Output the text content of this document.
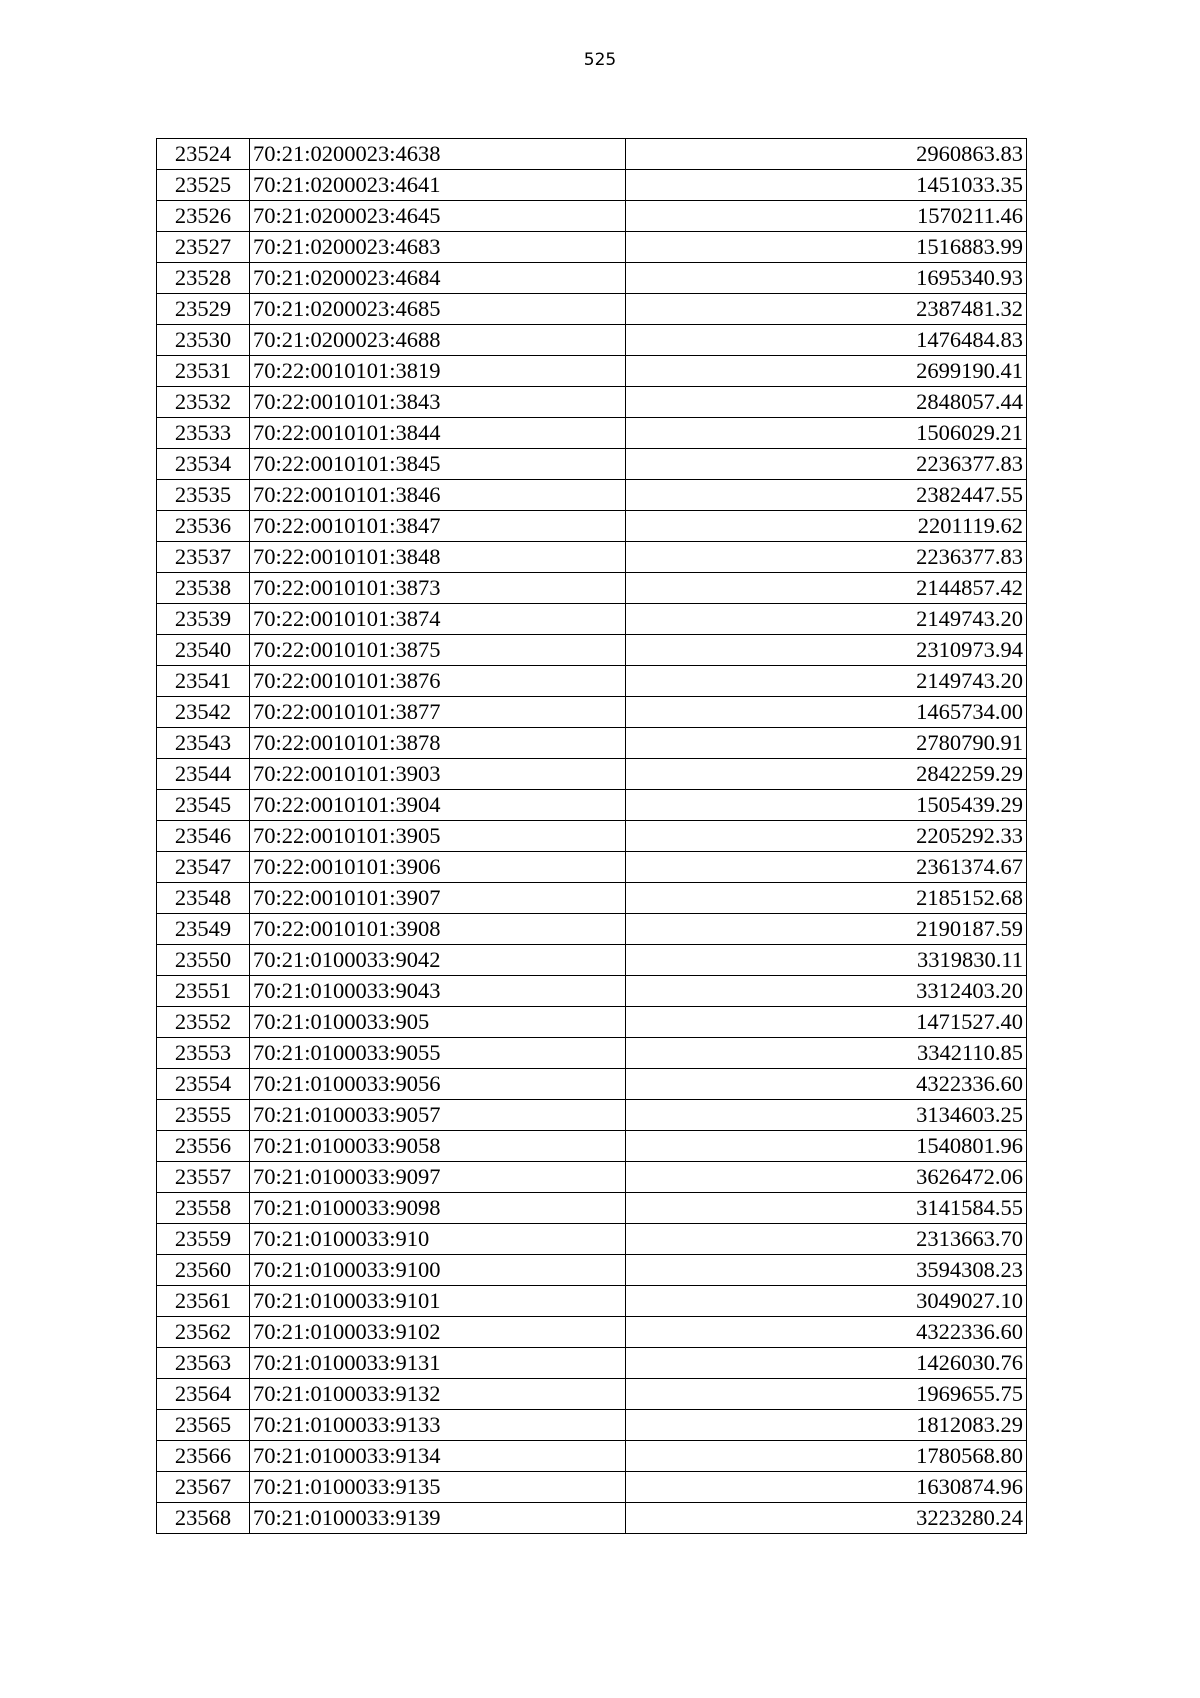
525
23524	70:21:0200023:4638	2960863.83
23525	70:21:0200023:4641	1451033.35
23526	70:21:0200023:4645	1570211.46
23527	70:21:0200023:4683	1516883.99
23528	70:21:0200023:4684	1695340.93
23529	70:21:0200023:4685	2387481.32
23530	70:21:0200023:4688	1476484.83
23531	70:22:0010101:3819	2699190.41
23532	70:22:0010101:3843	2848057.44
23533	70:22:0010101:3844	1506029.21
23534	70:22:0010101:3845	2236377.83
23535	70:22:0010101:3846	2382447.55
23536	70:22:0010101:3847	2201119.62
23537	70:22:0010101:3848	2236377.83
23538	70:22:0010101:3873	2144857.42
23539	70:22:0010101:3874	2149743.20
23540	70:22:0010101:3875	2310973.94
23541	70:22:0010101:3876	2149743.20
23542	70:22:0010101:3877	1465734.00
23543	70:22:0010101:3878	2780790.91
23544	70:22:0010101:3903	2842259.29
23545	70:22:0010101:3904	1505439.29
23546	70:22:0010101:3905	2205292.33
23547	70:22:0010101:3906	2361374.67
23548	70:22:0010101:3907	2185152.68
23549	70:22:0010101:3908	2190187.59
23550	70:21:0100033:9042	3319830.11
23551	70:21:0100033:9043	3312403.20
23552	70:21:0100033:905	1471527.40
23553	70:21:0100033:9055	3342110.85
23554	70:21:0100033:9056	4322336.60
23555	70:21:0100033:9057	3134603.25
23556	70:21:0100033:9058	1540801.96
23557	70:21:0100033:9097	3626472.06
23558	70:21:0100033:9098	3141584.55
23559	70:21:0100033:910	2313663.70
23560	70:21:0100033:9100	3594308.23
23561	70:21:0100033:9101	3049027.10
23562	70:21:0100033:9102	4322336.60
23563	70:21:0100033:9131	1426030.76
23564	70:21:0100033:9132	1969655.75
23565	70:21:0100033:9133	1812083.29
23566	70:21:0100033:9134	1780568.80
23567	70:21:0100033:9135	1630874.96
23568	70:21:0100033:9139	3223280.24
